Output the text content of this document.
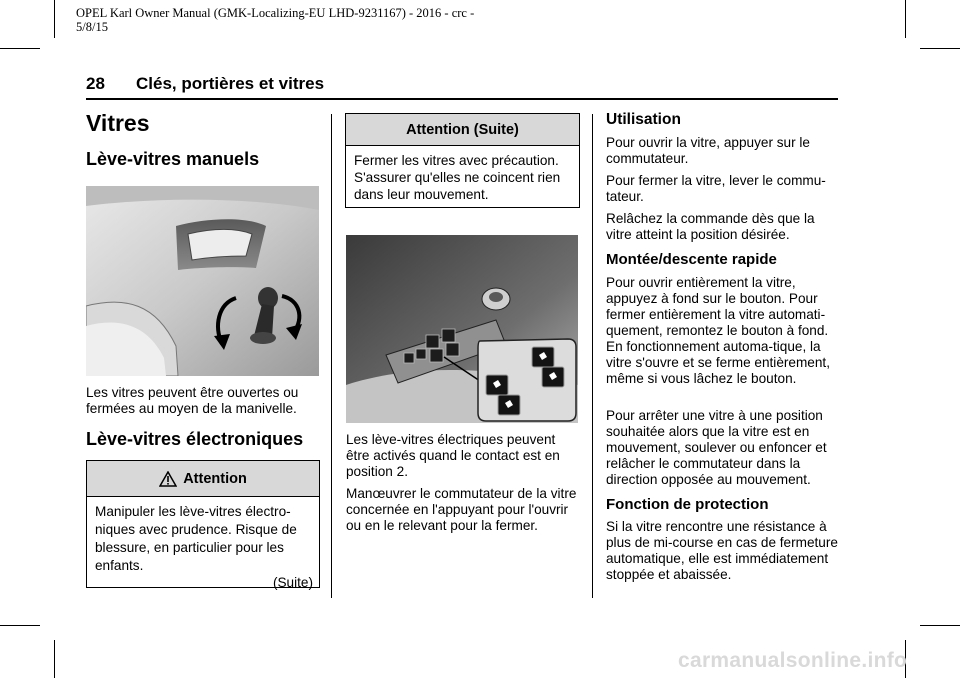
OPEL Karl Owner Manual (GMK-Localizing-EU LHD-9231167) - 2016 - crc -
5/8/15
28 Clés, portières et vitres
Vitres
Lève-vitres manuels
Les vitres peuvent être ouvertes ou fermées au moyen de la manivelle.
Lève-vitres électroniques
Attention
Manipuler les lève-vitres électro-niques avec prudence. Risque de blessure, en particulier pour les enfants.
(Suite)
Attention (Suite)
Fermer les vitres avec précaution. S'assurer qu'elles ne coincent rien dans leur mouvement.
Les lève-vitres électriques peuvent être activés quand le contact est en position 2.
Manœuvrer le commutateur de la vitre concernée en l'appuyant pour l'ouvrir ou en le relevant pour la fermer.
Utilisation
Pour ouvrir la vitre, appuyer sur le commutateur.
Pour fermer la vitre, lever le commu-tateur.
Relâchez la commande dès que la vitre atteint la position désirée.
Montée/descente rapide
Pour ouvrir entièrement la vitre, appuyez à fond sur le bouton. Pour fermer entièrement la vitre automati-quement, remontez le bouton à fond. En fonctionnement automa-tique, la vitre s'ouvre et se ferme entièrement, même si vous lâchez le bouton.
Pour arrêter une vitre à une position souhaitée alors que la vitre est en mouvement, soulever ou enfoncer et relâcher le commutateur dans la direction opposée au mouvement.
Fonction de protection
Si la vitre rencontre une résistance à plus de mi-course en cas de fermeture automatique, elle est immédiatement stoppée et abaissée.
carmanualsonline.info
